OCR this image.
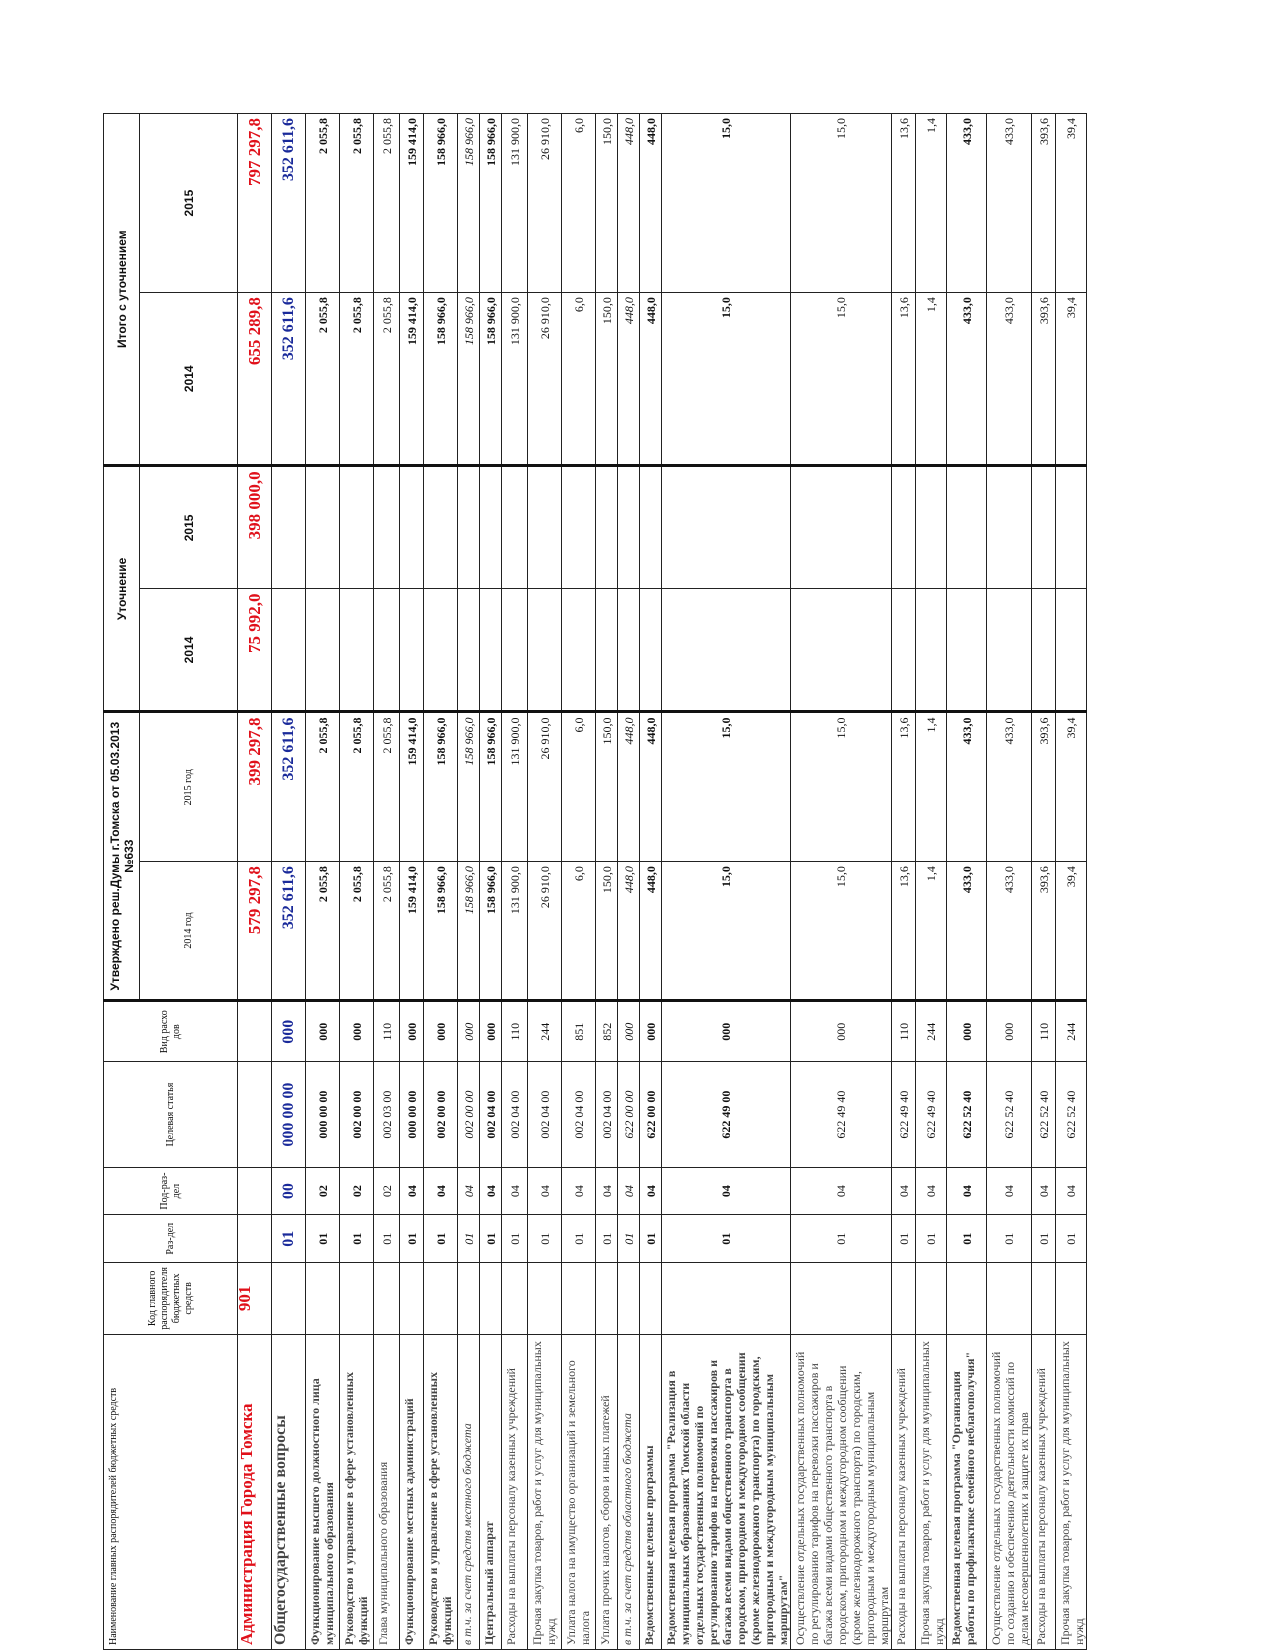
Наименование главных распорядителей бюджетных средств	Код главного распорядителя бюджетных средств	Раз-дел	Под-раз-дел	Целевая статья	Вид расхо дов	Утверждено реш.Думы г.Томска от 05.03.2013 №633		Уточнение		Итого с уточнением	
						2014 год	2015 год	2014	2015	2014	2015
Администрация Города Томска	901					579 297,8	399 297,8	75 992,0	398 000,0	655 289,8	797 297,8
Общегосударственные вопросы		01	00	000 00 00	000	352 611,6	352 611,6			352 611,6	352 611,6
Функционирование высшего должностного лица муниципального образования		01	02	000 00 00	000	2 055,8	2 055,8			2 055,8	2 055,8
Руководство и управление в сфере установленных функций		01	02	002 00 00	000	2 055,8	2 055,8			2 055,8	2 055,8
Глава муниципального образования		01	02	002 03 00	110	2 055,8	2 055,8			2 055,8	2 055,8
Функционирование местных администраций		01	04	000 00 00	000	159 414,0	159 414,0			159 414,0	159 414,0
Руководство и управление в сфере установленных функций		01	04	002 00 00	000	158 966,0	158 966,0			158 966,0	158 966,0
в т.ч. за счет средств местного бюджета		01	04	002 00 00	000	158 966,0	158 966,0			158 966,0	158 966,0
Центральный аппарат		01	04	002 04 00	000	158 966,0	158 966,0			158 966,0	158 966,0
Расходы на выплаты персоналу казенных учреждений		01	04	002 04 00	110	131 900,0	131 900,0			131 900,0	131 900,0
Прочая закупка товаров, работ и услуг для муниципальных нужд		01	04	002 04 00	244	26 910,0	26 910,0			26 910,0	26 910,0
Уплата налога на имущество организаций и земельного налога		01	04	002 04 00	851	6,0	6,0			6,0	6,0
Уплата прочих налогов, сборов и иных платежей		01	04	002 04 00	852	150,0	150,0			150,0	150,0
в т.ч. за счет средств областного бюджета		01	04	622 00 00	000	448,0	448,0			448,0	448,0
Ведомственные целевые программы		01	04	622 00 00	000	448,0	448,0			448,0	448,0
Ведомственная целевая программа "Реализация в муниципальных образованиях Томской области отдельных государственных полномочий по регулированию тарифов на перевозки пассажиров и багажа всеми видами общественного транспорта в городском, пригородном и междугородном сообщении (кроме железнодорожного транспорта) по городским, пригородным и междугородным муниципальным маршрутам"		01	04	622 49 00	000	15,0	15,0			15,0	15,0
Осуществление отдельных государственных полномочий по регулированию тарифов на перевозки пассажиров и багажа всеми видами общественного транспорта в городском, пригородном и междугородном сообщении (кроме железнодорожного транспорта) по городским, пригородным и междугородным муниципальным маршрутам		01	04	622 49 40	000	15,0	15,0			15,0	15,0
Расходы на выплаты персоналу казенных учреждений		01	04	622 49 40	110	13,6	13,6			13,6	13,6
Прочая закупка товаров, работ и услуг для муниципальных нужд		01	04	622 49 40	244	1,4	1,4			1,4	1,4
Ведомственная целевая программа "Организация работы по профилактике семейного неблагополучия"		01	04	622 52 40	000	433,0	433,0			433,0	433,0
Осуществление отдельных государственных полномочий по созданию и обеспечению деятельности комиссий по делам несовершеннолетних и защите их прав		01	04	622 52 40	000	433,0	433,0			433,0	433,0
Расходы на выплаты персоналу казенных учреждений		01	04	622 52 40	110	393,6	393,6			393,6	393,6
Прочая закупка товаров, работ и услуг для муниципальных нужд		01	04	622 52 40	244	39,4	39,4			39,4	39,4
